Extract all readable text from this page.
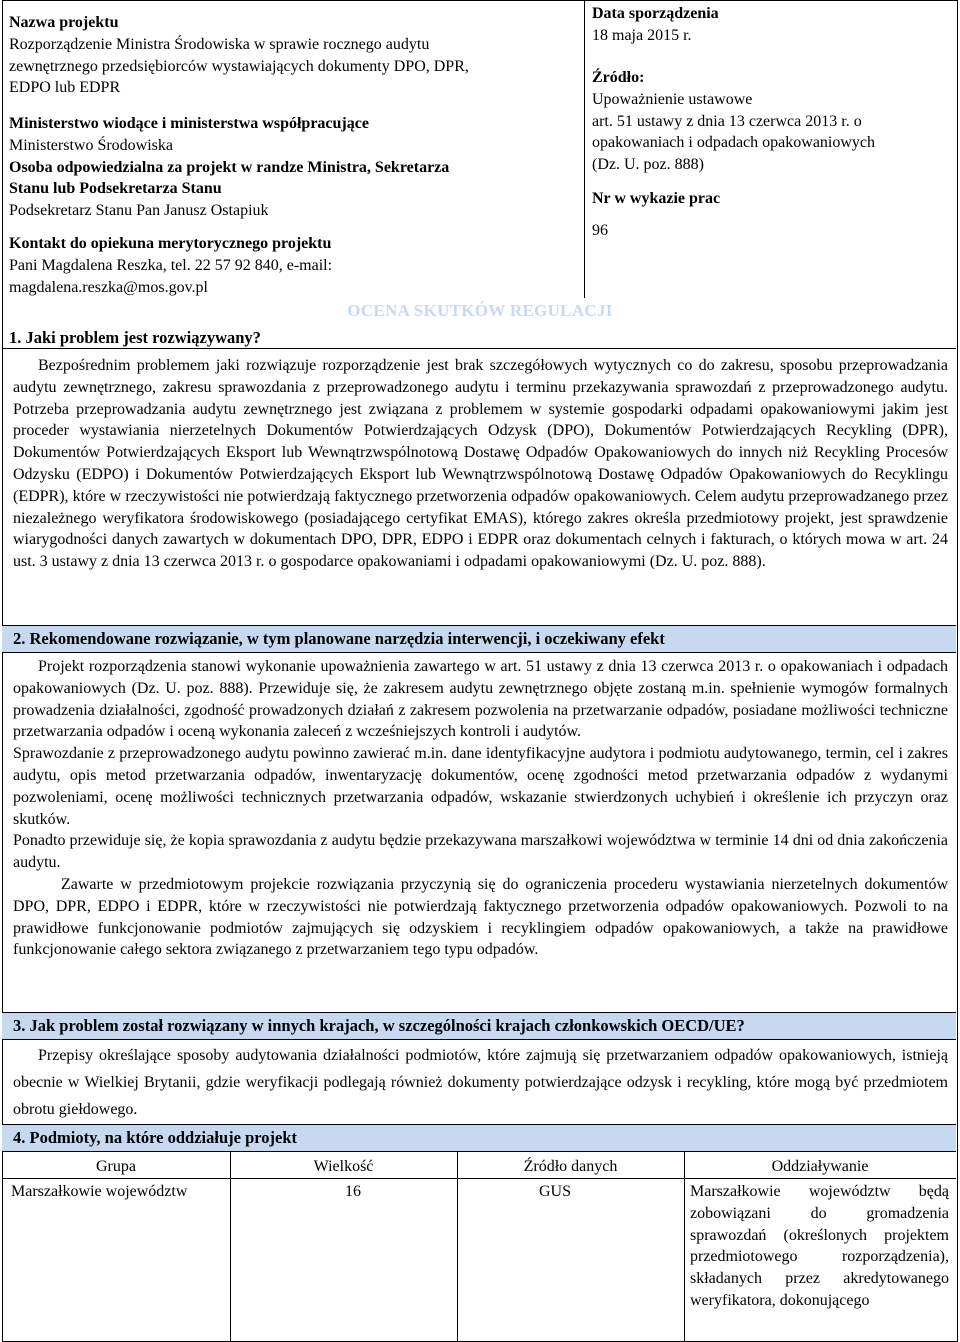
Nazwa projektu
Rozporządzenie Ministra Środowiska w sprawie rocznego audytu
zewnętrznego przedsiębiorców wystawiających dokumenty DPO, DPR,
EDPO lub EDPR
Ministerstwo wiodące i ministerstwa współpracujące
Ministerstwo Środowiska
Osoba odpowiedzialna za projekt w randze Ministra, Sekretarza
Stanu lub Podsekretarza Stanu
Podsekretarz Stanu Pan Janusz Ostapiuk
Kontakt do opiekuna merytorycznego projektu
Pani Magdalena Reszka, tel. 22 57 92 840, e-mail:
magdalena.reszka@mos.gov.pl
Data sporządzenia
18 maja 2015 r.
Źródło:
Upoważnienie ustawowe
art. 51 ustawy z dnia 13 czerwca 2013 r. o
opakowaniach i odpadach opakowaniowych
(Dz. U. poz. 888)
Nr w wykazie prac
96
OCENA SKUTKÓW REGULACJI
1. Jaki problem jest rozwiązywany?

Bezpośrednim problemem jaki rozwiązuje rozporządzenie jest brak szczegółowych wytycznych co do zakresu, sposobu przeprowadzania audytu zewnętrznego, zakresu sprawozdania z przeprowadzonego audytu i terminu przekazywania sprawozdań z przeprowadzonego audytu. Potrzeba przeprowadzania audytu zewnętrznego jest związana z problemem w systemie gospodarki odpadami opakowaniowymi jakim jest proceder wystawiania nierzetelnych Dokumentów Potwierdzających Odzysk (DPO), Dokumentów Potwierdzających Recykling (DPR), Dokumentów Potwierdzających Eksport lub Wewnątrzwspólnotową Dostawę Odpadów Opakowaniowych do innych niż Recykling Procesów Odzysku (EDPO) i Dokumentów Potwierdzających Eksport lub Wewnątrzwspólnotową Dostawę Odpadów Opakowaniowych do Recyklingu (EDPR), które w rzeczywistości nie potwierdzają faktycznego przetworzenia odpadów opakowaniowych. Celem audytu przeprowadzanego przez niezależnego weryfikatora środowiskowego (posiadającego certyfikat EMAS), którego zakres określa przedmiotowy projekt, jest sprawdzenie wiarygodności danych zawartych w dokumentach DPO, DPR, EDPO i EDPR oraz dokumentach celnych i fakturach, o których mowa w art. 24 ust. 3 ustawy z dnia 13 czerwca 2013 r. o gospodarce opakowaniami i odpadami opakowaniowymi (Dz. U. poz. 888).

2. Rekomendowane rozwiązanie, w tym planowane narzędzia interwencji, i oczekiwany efekt

Projekt rozporządzenia stanowi wykonanie upoważnienia zawartego w art. 51 ustawy z dnia 13 czerwca 2013 r. o opakowaniach i odpadach opakowaniowych (Dz. U. poz. 888). Przewiduje się, że zakresem audytu zewnętrznego objęte zostaną m.in. spełnienie wymogów formalnych prowadzenia działalności, zgodność prowadzonych działań z zakresem pozwolenia na przetwarzanie odpadów, posiadane możliwości techniczne przetwarzania odpadów i oceną wykonania zaleceń z wcześniejszych kontroli i audytów.

Sprawozdanie z przeprowadzonego audytu powinno zawierać m.in. dane identyfikacyjne audytora i podmiotu audytowanego, termin, cel i zakres audytu, opis metod przetwarzania odpadów, inwentaryzację dokumentów, ocenę zgodności metod przetwarzania odpadów z wydanymi pozwoleniami, ocenę możliwości technicznych przetwarzania odpadów, wskazanie stwierdzonych uchybień i określenie ich przyczyn oraz skutków.

Ponadto przewiduje się, że kopia sprawozdania z audytu będzie przekazywana marszałkowi województwa w terminie 14 dni od dnia zakończenia audytu.

Zawarte w przedmiotowym projekcie rozwiązania przyczynią się do ograniczenia procederu wystawiania nierzetelnych dokumentów DPO, DPR, EDPO i EDPR, które w rzeczywistości nie potwierdzają faktycznego przetworzenia odpadów opakowaniowych. Pozwoli to na prawidłowe funkcjonowanie podmiotów zajmujących się odzyskiem i recyklingiem odpadów opakowaniowych, a także na prawidłowe funkcjonowanie całego sektora związanego z przetwarzaniem tego typu odpadów.

3. Jak problem został rozwiązany w innych krajach, w szczególności krajach członkowskich OECD/UE?

Przepisy określające sposoby audytowania działalności podmiotów, które zajmują się przetwarzaniem odpadów opakowaniowych, istnieją obecnie w Wielkiej Brytanii, gdzie weryfikacji podlegają również dokumenty potwierdzające odzysk i recykling, które mogą być przedmiotem obrotu giełdowego.

4. Podmioty, na które oddziałuje projekt
Grupa	Wielkość	Źródło danych	Oddziaływanie
Marszałkowie województw	16	GUS	Marszałkowie województw będą zobowiązani do gromadzenia sprawozdań (określonych projektem przedmiotowego rozporządzenia), składanych przez akredytowanego weryfikatora, dokonującego
